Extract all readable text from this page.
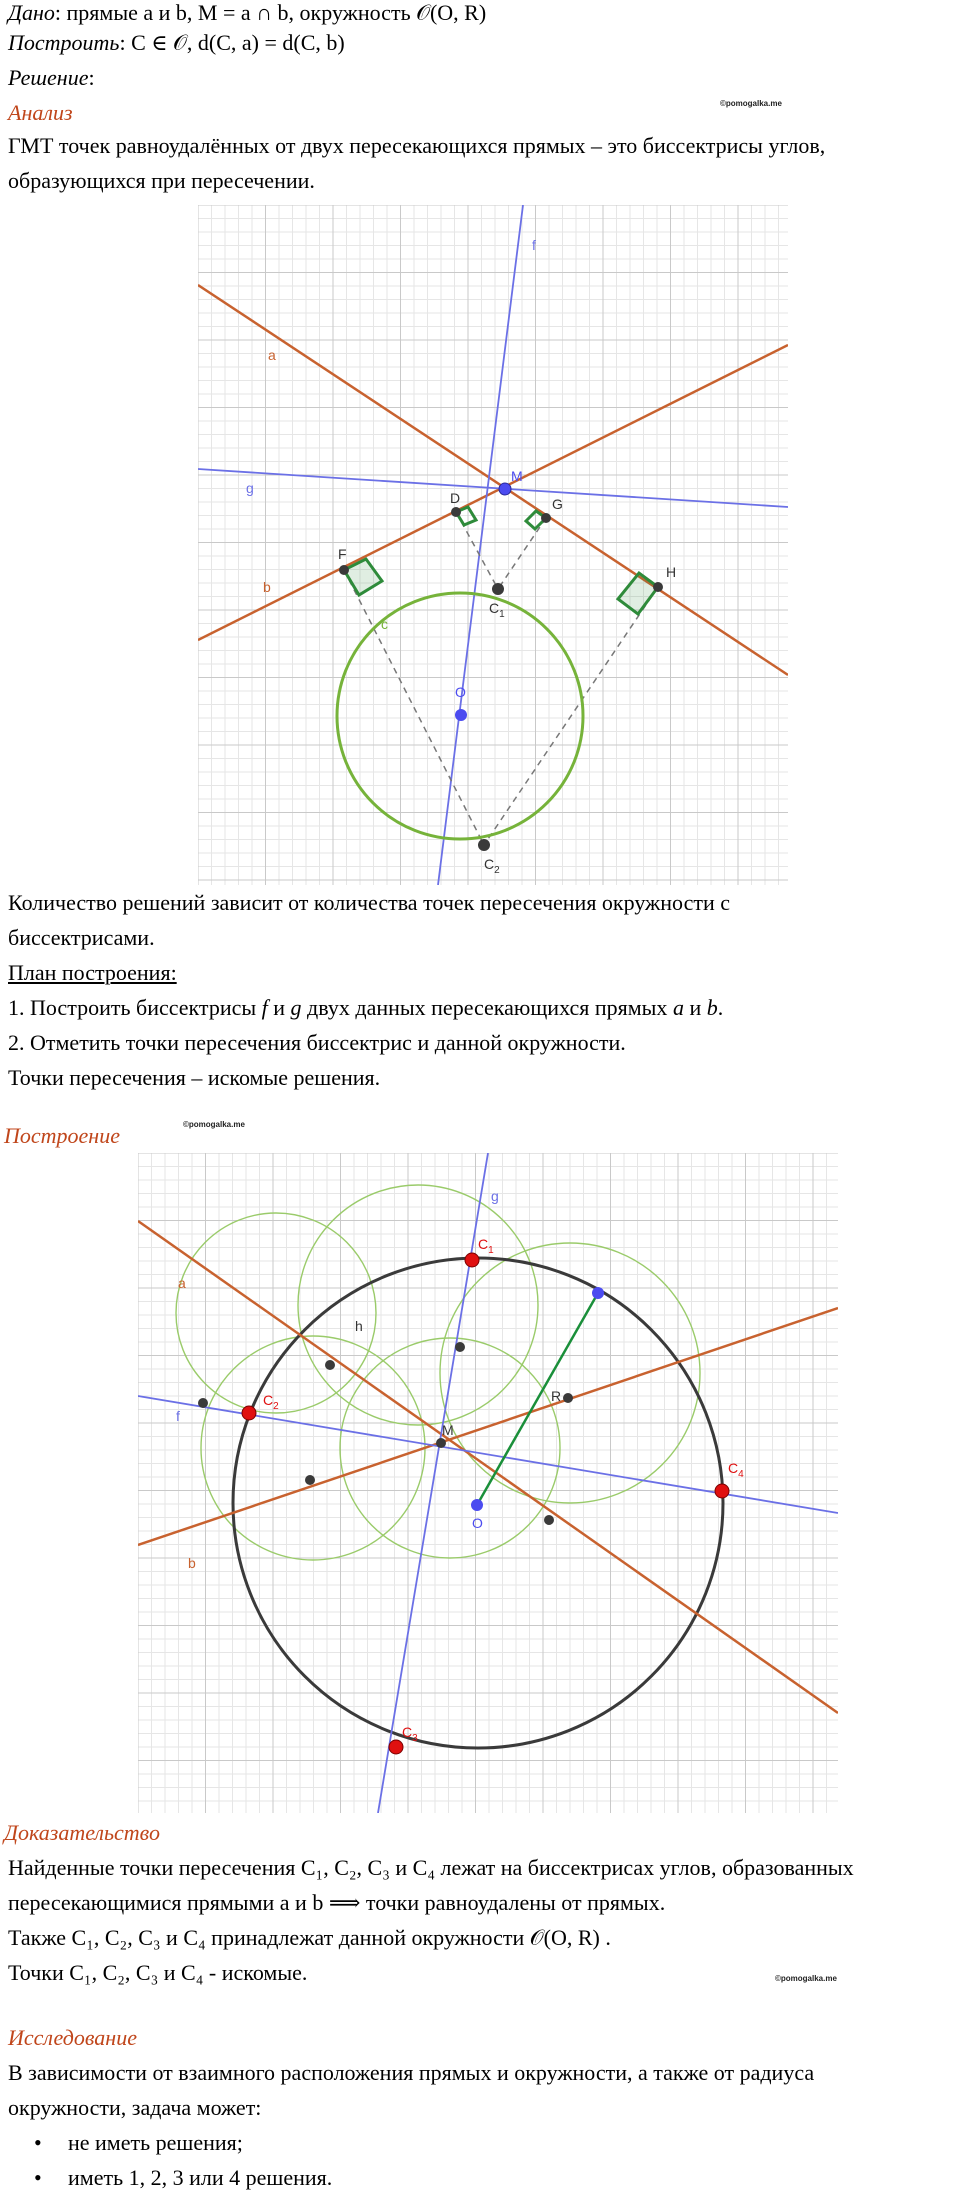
Дано: прямые a и b, M = a ∩ b, окружность 𝒪(O, R)
Построить: C ∈ 𝒪, d(C, a) = d(C, b)
Решение:
Анализ	©pomogalka.me
ГМТ точек равноудалённых от двух пересекающихся прямых – это биссектрисы углов,
образующихся при пересечении.
f
a
g
b
M
D	G
F
H
c
$C_1$
O
$C_2$
Количество решений зависит от количества точек пересечения окружности с
биссектрисами.
План построения:
1. Построить биссектрисы f и g двух данных пересекающихся прямых a и b.
2. Отметить точки пересечения биссектрис и данной окружности.
Точки пересечения – искомые решения.
Построение	©pomogalka.me
g
$C_1$
a
h
$C_2$
f
M
R
$C_4$
O
b
$C_3$
Доказательство
Найденные точки пересечения C₁, C₂, C₃ и C₄ лежат на биссектрисах углов, образованных
пересекающимися прямыми a и b ⟹ точки равноудалены от прямых.
Также C₁, C₂, C₃ и C₄ принадлежат данной окружности 𝒪(O, R) .
Точки C₁, C₂, C₃ и C₄ - искомые.	©pomogalka.me
Исследование
В зависимости от взаимного расположения прямых и окружности, а также от радиуса
окружности, задача может:
• не иметь решения;
• иметь 1, 2, 3 или 4 решения.
